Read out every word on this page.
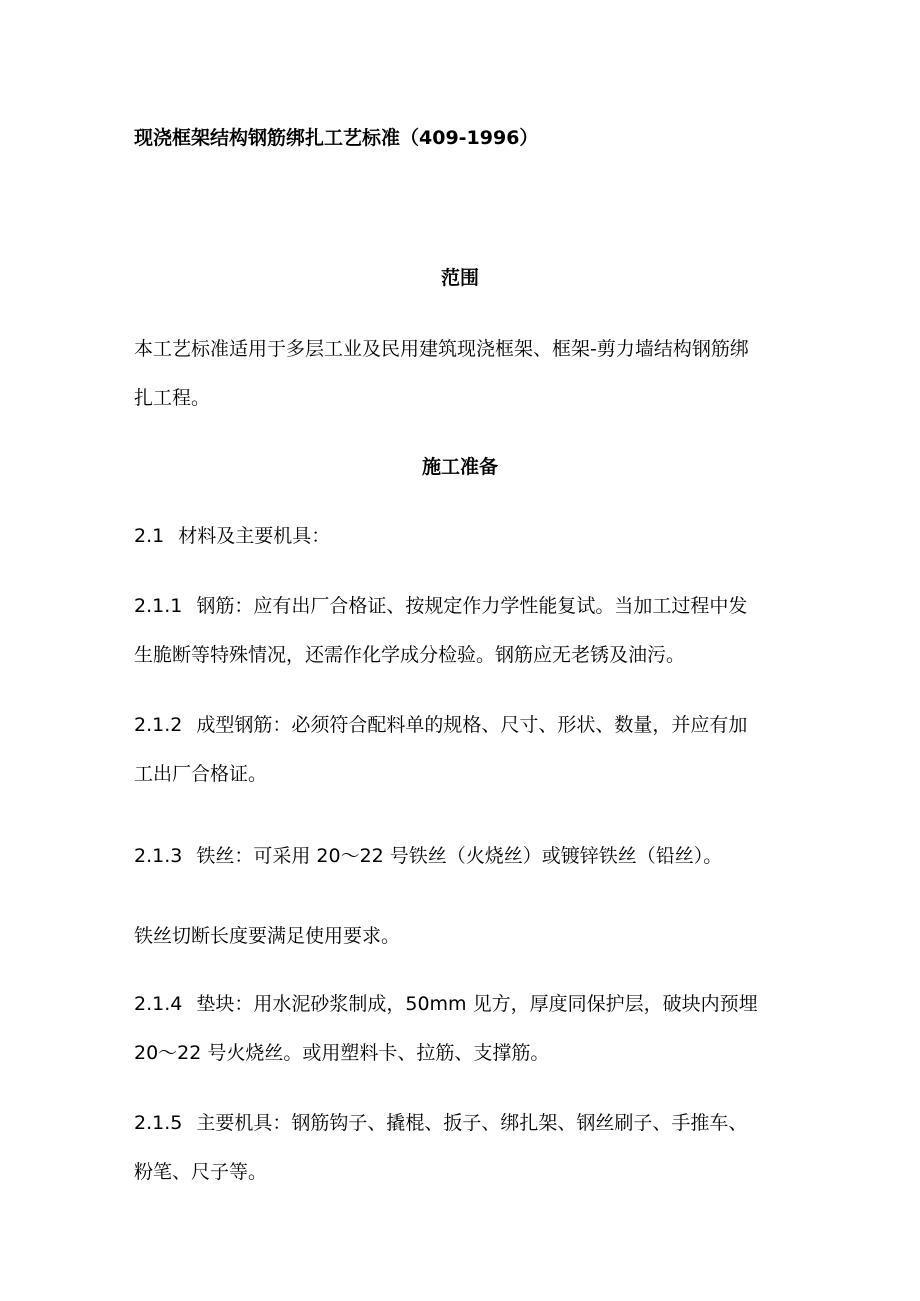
现浇框架结构钢筋绑扎工艺标准（409-1996）
范围
本工艺标准适用于多层工业及民用建筑现浇框架、框架-剪力墙结构钢筋绑
扎工程。
施工准备
2.1 材料及主要机具：
2.1.1 钢筋：应有出厂合格证、按规定作力学性能复试。当加工过程中发
生脆断等特殊情况，还需作化学成分检验。钢筋应无老锈及油污。
2.1.2 成型钢筋：必须符合配料单的规格、尺寸、形状、数量，并应有加
工出厂合格证。
2.1.3 铁丝：可采用 20～22 号铁丝（火烧丝）或镀锌铁丝（铅丝）。
铁丝切断长度要满足使用要求。
2.1.4 垫块：用水泥砂浆制成，50mm 见方，厚度同保护层，破块内预埋
20～22 号火烧丝。或用塑料卡、拉筋、支撑筋。
2.1.5 主要机具：钢筋钩子、撬棍、扳子、绑扎架、钢丝刷子、手推车、
粉笔、尺子等。
